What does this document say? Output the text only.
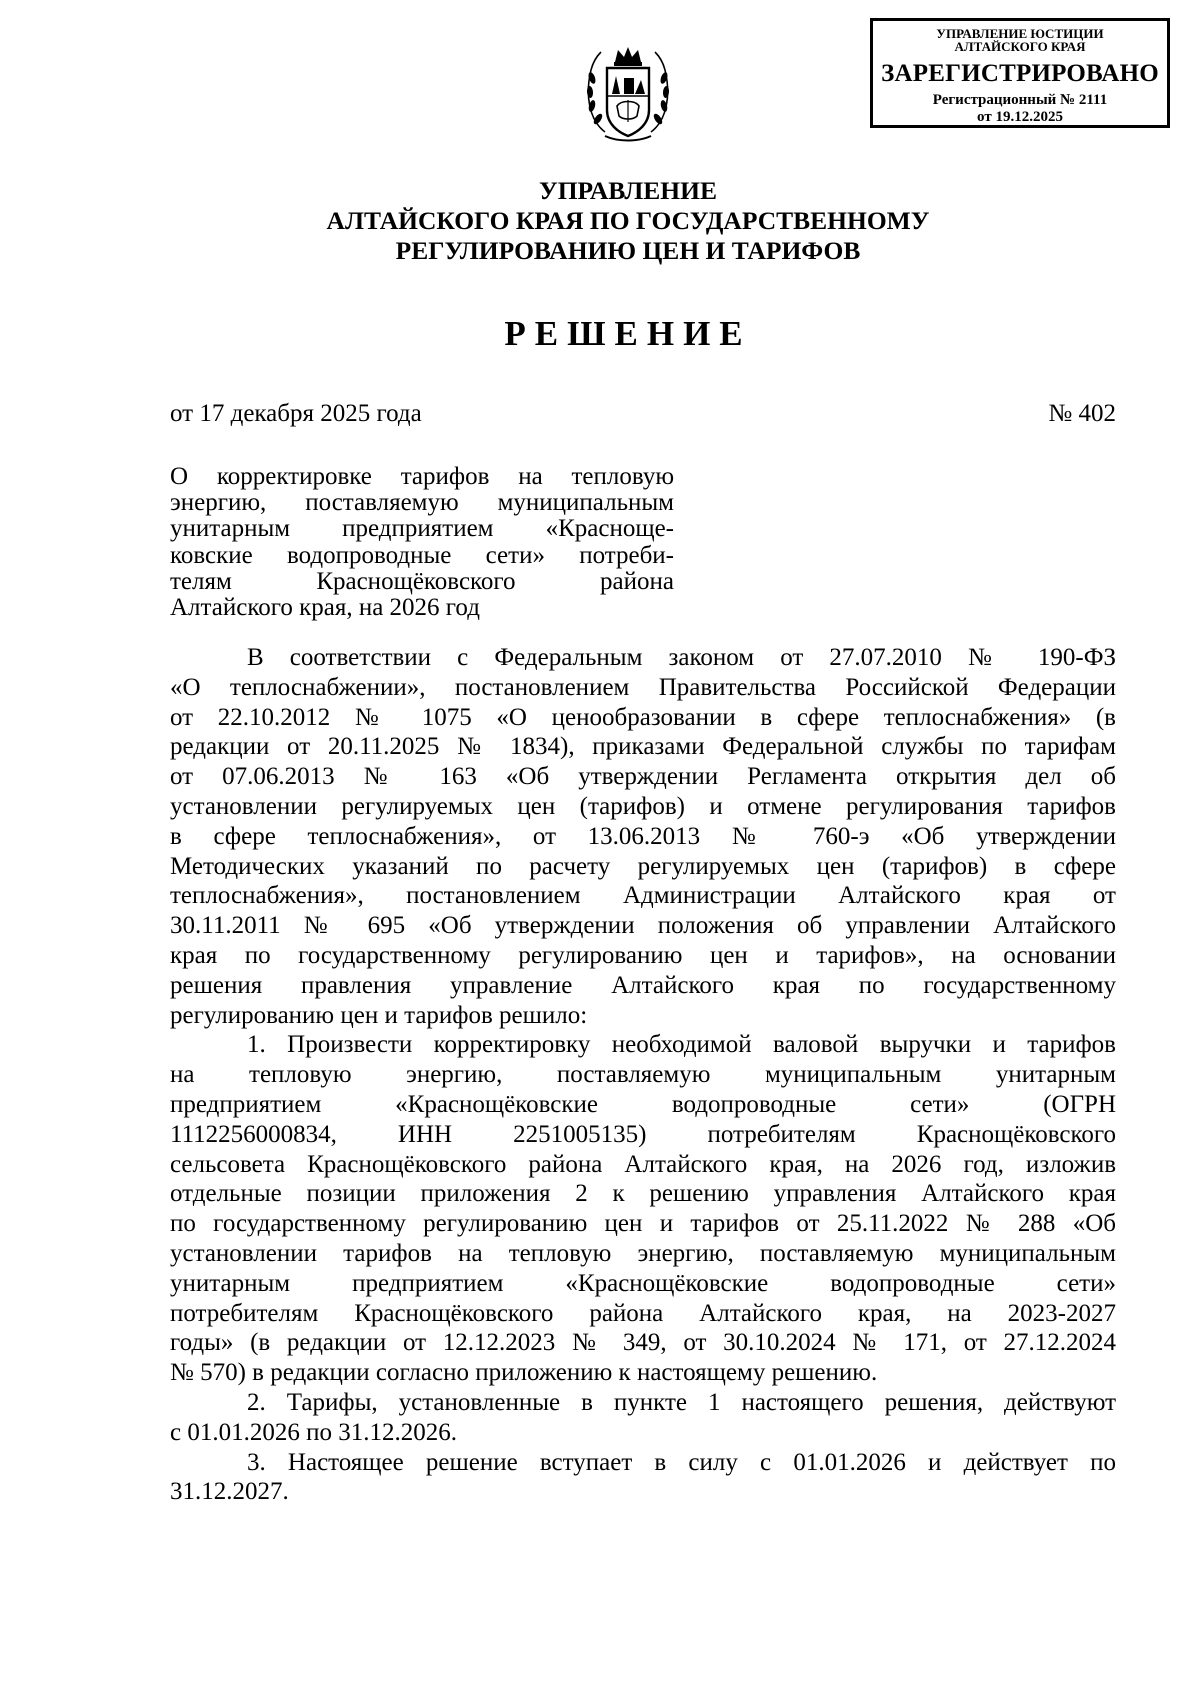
УПРАВЛЕНИЕ ЮСТИЦИИ
АЛТАЙСКОГО КРАЯ
ЗАРЕГИСТРИРОВАНО
Регистрационный № 2111
от 19.12.2025
УПРАВЛЕНИЕ
АЛТАЙСКОГО КРАЯ ПО ГОСУДАРСТВЕННОМУ
РЕГУЛИРОВАНИЮ ЦЕН И ТАРИФОВ
РЕШЕНИЕ
от 17 декабря 2025 года	№ 402
О корректировке тарифов на тепловую
энергию, поставляемую муниципальным
унитарным предприятием «Красноще-
ковские водопроводные сети» потреби-
телям Краснощёковского района
Алтайского края, на 2026 год
В соответствии с Федеральным законом от 27.07.2010 № 190-ФЗ
«О теплоснабжении», постановлением Правительства Российской Федерации
от 22.10.2012 № 1075 «О ценообразовании в сфере теплоснабжения» (в
редакции от 20.11.2025 № 1834), приказами Федеральной службы по тарифам
от 07.06.2013 № 163 «Об утверждении Регламента открытия дел об
установлении регулируемых цен (тарифов) и отмене регулирования тарифов
в сфере теплоснабжения», от 13.06.2013 № 760-э «Об утверждении
Методических указаний по расчету регулируемых цен (тарифов) в сфере
теплоснабжения», постановлением Администрации Алтайского края от
30.11.2011 № 695 «Об утверждении положения об управлении Алтайского
края по государственному регулированию цен и тарифов», на основании
решения правления управление Алтайского края по государственному
регулированию цен и тарифов решило:
1. Произвести корректировку необходимой валовой выручки и тарифов
на тепловую энергию, поставляемую муниципальным унитарным
предприятием «Краснощёковские водопроводные сети» (ОГРН
1112256000834, ИНН 2251005135) потребителям Краснощёковского
сельсовета Краснощёковского района Алтайского края, на 2026 год, изложив
отдельные позиции приложения 2 к решению управления Алтайского края
по государственному регулированию цен и тарифов от 25.11.2022 № 288 «Об
установлении тарифов на тепловую энергию, поставляемую муниципальным
унитарным предприятием «Краснощёковские водопроводные сети»
потребителям Краснощёковского района Алтайского края, на 2023-2027
годы» (в редакции от 12.12.2023 № 349, от 30.10.2024 № 171, от 27.12.2024
№ 570) в редакции согласно приложению к настоящему решению.
2. Тарифы, установленные в пункте 1 настоящего решения, действуют
с 01.01.2026 по 31.12.2026.
3. Настоящее решение вступает в силу с 01.01.2026 и действует по
31.12.2027.
